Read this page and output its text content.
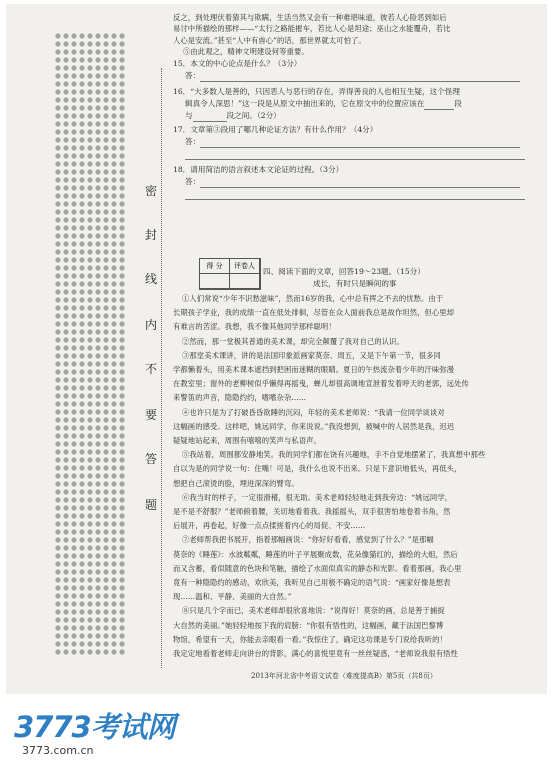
密
封
线
内
不
要
答
题

反之，到处理伏着猜其与欺瞒，生活当然又会有一种难堪味道，彼若人心险恶到如后

易讨中所描绘的那样——“太行之路能摧车，若比人心是坦途；巫山之水能覆舟，若比

人心是安流。”甚至“人中有兽心”的话，那世界就太可怕了。

⑤由此观之，精神文明建设何等重要。

15．本文的中心论点是什么？（3分）

答：

16．“大多数人是善的，只因恶人与恶行的存在，弄得善良的人也相互生疑，这个怪理

辑真令人深思！”这一段是从原文中抽出来的，它在原文中的位置应该在	段

与	段之间。（2分）

17．文章第③段用了哪几种论证方法？有什么作用？（4分）

答：

18．请用简洁的语言叙述本文论证的过程。（3分）

答：

得 分	评卷人

四、阅读下面的文章，回答19～23题。（15分）

成长，有时只是瞬间的事

①人们常说“少年不识愁滋味”，然而16岁的我，心中总有挥之不去的忧愁。由于

长期孩子学业，我的成绩一直在低处徘徊，尽管在众人面前我总是故作坦然，但心里却

有难言的苦涩。我想，我不像其他同学那样聪明！

②然而，那一堂极其普通的美术课，却完全颠覆了我对自己的认识。

③那堂美术课讲，讲的是法国印象派画家莫奈、周五，又是下午第一节，很多同

学都懒着头，用美术课本遮挡到把困而迷糊的眼睛。夏日的午热流杂着少年的汗味弥漫

在教室里；窗外的老柳树似乎懒得再摇曳，蝉儿却很高调地宣泄着发着呼天的老郭，远处传

来警笛的声音，隐隐约约，嗜嗜杂杂……

④也许只是为了打破昏昏欲睡的沉闷，年轻的美术老师说：“我请一位同学谈谈对

这幅画的感受。这样吧，姚远同学，你来说说。”我没想到，被喊中的人居然是我，迟迟

疑疑地站起来，周围有嘻嘻的笑声与私语声。

⑤我站着，周围都安静地笑。我的同学们都在饶有兴趣地，手不自觉地摆紧了，我真想中那些

自以为是的同学说一句：住嘴！可是，我什么也说不出来。只是下意识地低头，再低头，

想把自己滚烫的脸，埋进深深的臂弯。

⑥我当时的样子，一定很滑稽，很无助。美术老师轻轻地走到我旁边：“姚远同学，

是不是不舒服？”老师俯着腰，关切地看着我。我摇摇头，双手很害怕地卷着书角，然

后展开，再卷起，好像一点点揉搓着内心的局促、不安……

⑦老师帮我把书展开，指着那幅画说：“你好好看看，感觉到了什么？”是那幅

莫奈的《睡莲》：水波粼粼，睡莲的叶子平展聚成数，花朵像猫红的，描绘的大组，然后

而又含蓄，看似随意的色块和笔触，描绘了水面似真实的静态和光影。看着那画，我心里

竟有一种隐隐约的感动，欢欣美，我听见自己用极不确定的语气说：“画家好像是想表

现……温和、平静、美丽的大自然。”

⑧只是几个字而已，美术老师却很欣喜地说：“说得好！莫奈的画，总是善于捕捉

大自然的美丽。”她轻轻地按下我的肩膀：“你很有悟性的，这幅画，藏于法国巴黎博

物馆，希望有一天，你能去亲眼看一看。”我惊住了，确定这功课是专门说给我听的！

我定定地看着老师走向讲台的背影，满心的喜悦里竟有一丝丝疑惑，“老师说我很有悟性

2013年河北省中考语文试卷（难度提高B）第5页（共8页）
3773考试网
3773.com.cn
